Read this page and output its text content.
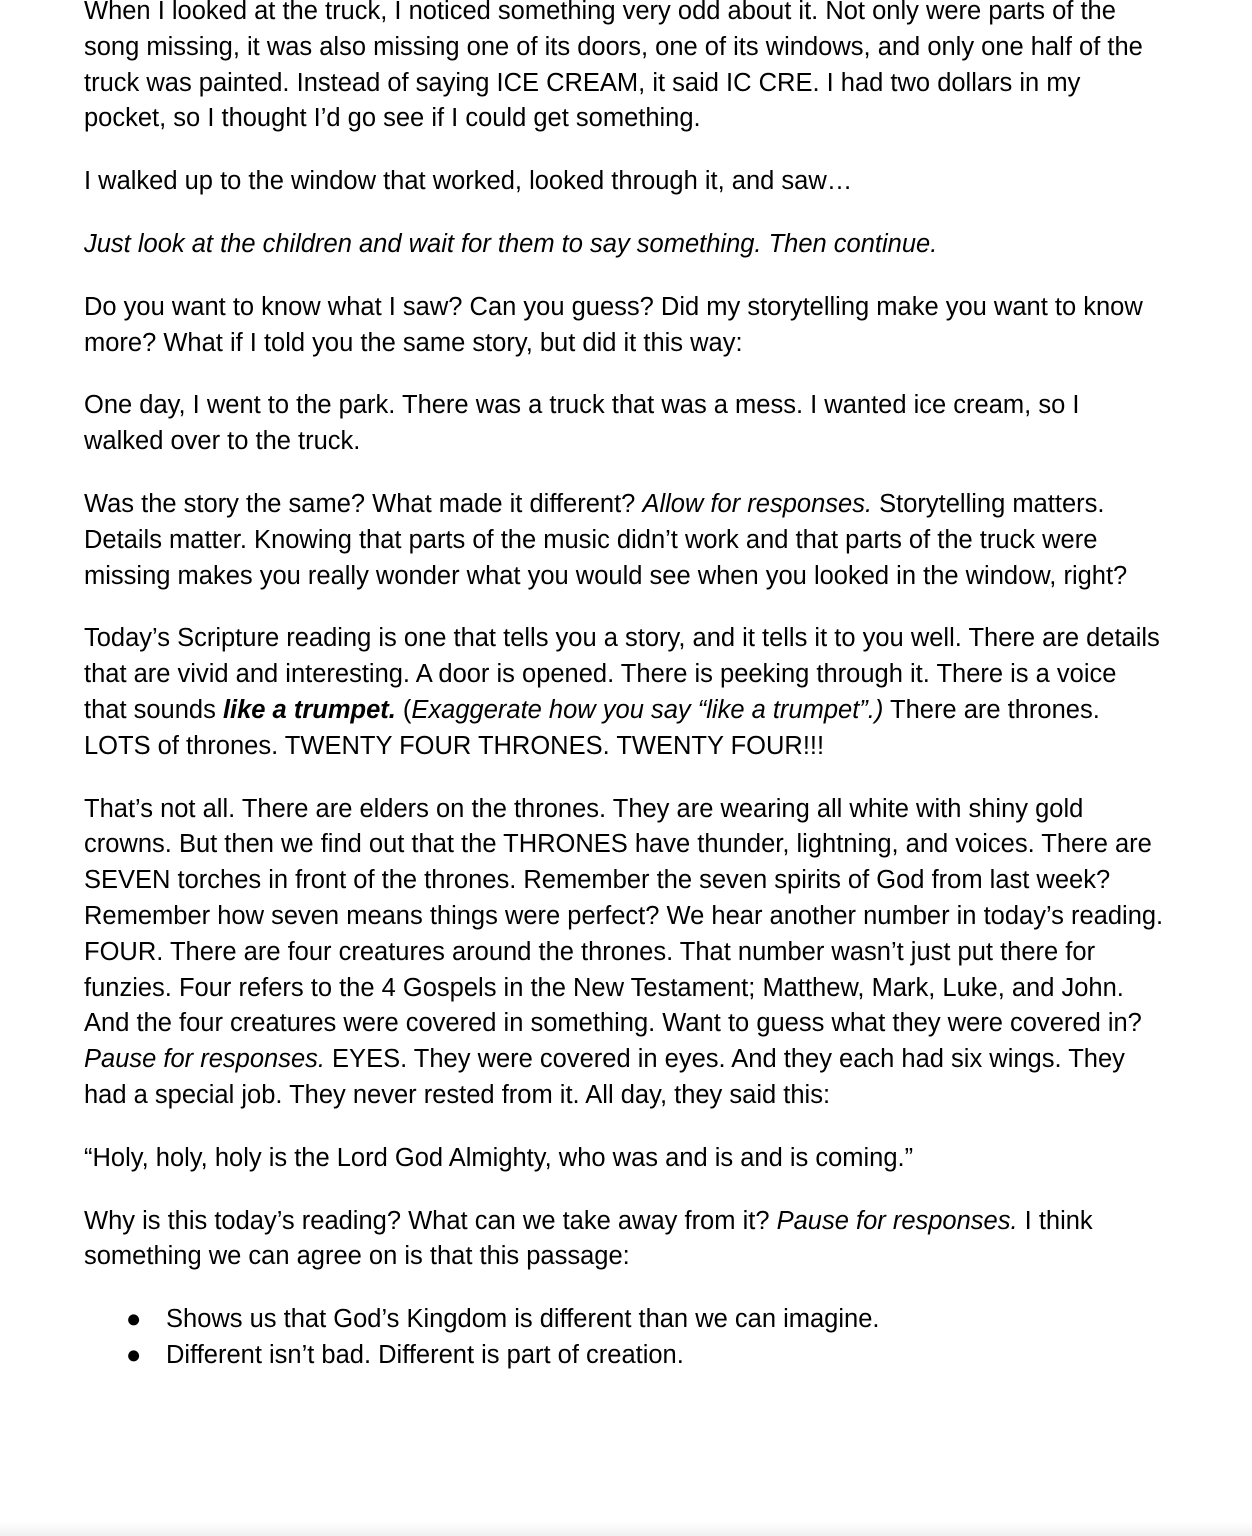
When I looked at the truck, I noticed something very odd about it. Not only were parts of the song missing, it was also missing one of its doors, one of its windows, and only one half of the truck was painted. Instead of saying ICE CREAM, it said IC CRE. I had two dollars in my pocket, so I thought I’d go see if I could get something.

I walked up to the window that worked, looked through it, and saw…

Just look at the children and wait for them to say something. Then continue.

Do you want to know what I saw? Can you guess? Did my storytelling make you want to know more? What if I told you the same story, but did it this way:

One day, I went to the park. There was a truck that was a mess. I wanted ice cream, so I walked over to the truck.

Was the story the same? What made it different? Allow for responses. Storytelling matters. Details matter. Knowing that parts of the music didn’t work and that parts of the truck were missing makes you really wonder what you would see when you looked in the window, right?

Today’s Scripture reading is one that tells you a story, and it tells it to you well. There are details that are vivid and interesting. A door is opened. There is peeking through it. There is a voice that sounds like a trumpet. (Exaggerate how you say “like a trumpet”.) There are thrones. LOTS of thrones. TWENTY FOUR THRONES. TWENTY FOUR!!!

That’s not all. There are elders on the thrones. They are wearing all white with shiny gold crowns. But then we find out that the THRONES have thunder, lightning, and voices. There are SEVEN torches in front of the thrones. Remember the seven spirits of God from last week? Remember how seven means things were perfect? We hear another number in today’s reading. FOUR. There are four creatures around the thrones. That number wasn’t just put there for funzies. Four refers to the 4 Gospels in the New Testament; Matthew, Mark, Luke, and John. And the four creatures were covered in something. Want to guess what they were covered in? Pause for responses. EYES. They were covered in eyes. And they each had six wings. They had a special job. They never rested from it. All day, they said this:

“Holy, holy, holy is the Lord God Almighty, who was and is and is coming.”

Why is this today’s reading? What can we take away from it? Pause for responses. I think something we can agree on is that this passage:

● Shows us that God’s Kingdom is different than we can imagine.
● Different isn’t bad. Different is part of creation.
